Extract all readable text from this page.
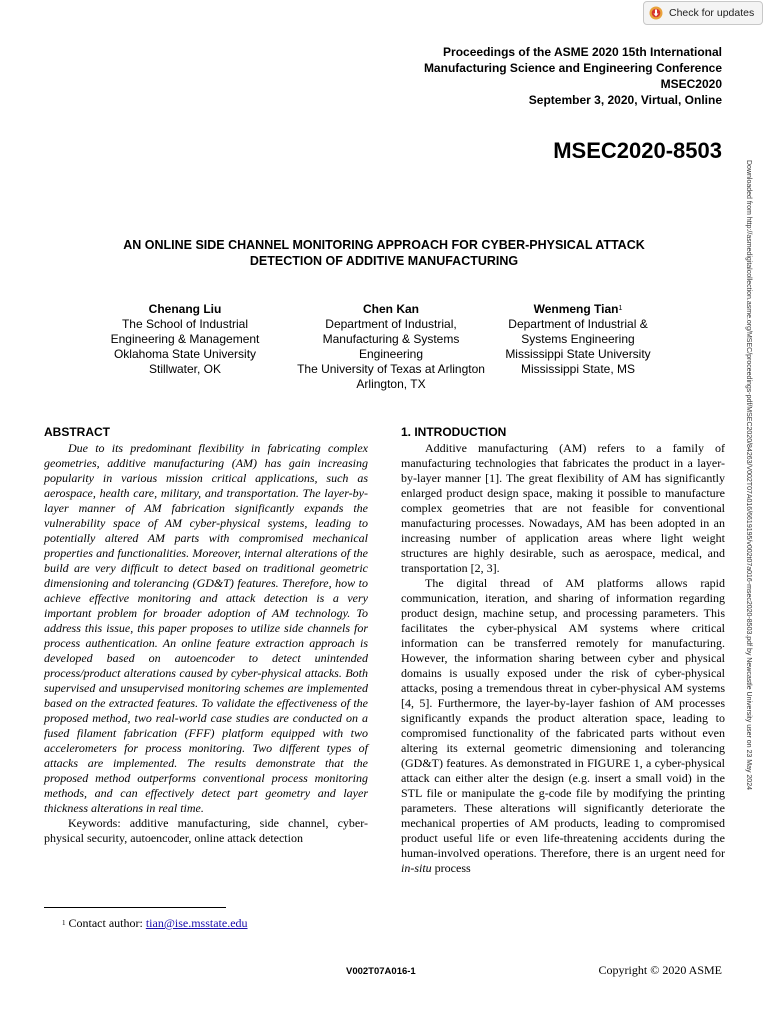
Check for updates
Proceedings of the ASME 2020 15th International
Manufacturing Science and Engineering Conference
MSEC2020
September 3, 2020, Virtual, Online
MSEC2020-8503
AN ONLINE SIDE CHANNEL MONITORING APPROACH FOR CYBER-PHYSICAL ATTACK
DETECTION OF ADDITIVE MANUFACTURING
Chenang Liu
The School of Industrial
Engineering & Management
Oklahoma State University
Stillwater, OK
Chen Kan
Department of Industrial,
Manufacturing & Systems
Engineering
The University of Texas at Arlington
Arlington, TX
Wenmeng Tian$^1$
Department of Industrial &
Systems Engineering
Mississippi State University
Mississippi State, MS
ABSTRACT

Due to its predominant flexibility in fabricating complex geometries, additive manufacturing (AM) has gain increasing popularity in various mission critical applications, such as aerospace, health care, military, and transportation. The layer-by-layer manner of AM fabrication significantly expands the vulnerability space of AM cyber-physical systems, leading to potentially altered AM parts with compromised mechanical properties and functionalities. Moreover, internal alterations of the build are very difficult to detect based on traditional geometric dimensioning and tolerancing (GD&T) features. Therefore, how to achieve effective monitoring and attack detection is a very important problem for broader adoption of AM technology. To address this issue, this paper proposes to utilize side channels for process authentication. An online feature extraction approach is developed based on autoencoder to detect unintended process/product alterations caused by cyber-physical attacks. Both supervised and unsupervised monitoring schemes are implemented based on the extracted features. To validate the effectiveness of the proposed method, two real-world case studies are conducted on a fused filament fabrication (FFF) platform equipped with two accelerometers for process monitoring. Two different types of attacks are implemented. The results demonstrate that the proposed method outperforms conventional process monitoring methods, and can effectively detect part geometry and layer thickness alterations in real time.

Keywords: additive manufacturing, side channel, cyber-physical security, autoencoder, online attack detection

1. INTRODUCTION

Additive manufacturing (AM) refers to a family of manufacturing technologies that fabricates the product in a layer-by-layer manner [1]. The great flexibility of AM has significantly enlarged product design space, making it possible to manufacture complex geometries that are not feasible for conventional manufacturing processes. Nowadays, AM has been adopted in an increasing number of application areas where light weight structures are highly desirable, such as aerospace, medical, and transportation [2, 3].

The digital thread of AM platforms allows rapid communication, iteration, and sharing of information regarding product design, machine setup, and processing parameters. This facilitates the cyber-physical AM systems where critical information can be transferred remotely for manufacturing. However, the information sharing between cyber and physical domains is usually exposed under the risk of cyber-physical attacks, posing a tremendous threat in cyber-physical AM systems [4, 5]. Furthermore, the layer-by-layer fashion of AM processes significantly expands the product alteration space, leading to compromised functionality of the fabricated parts without even altering its external geometric dimensioning and tolerancing (GD&T) features. As demonstrated in FIGURE 1, a cyber-physical attack can either alter the design (e.g. insert a small void) in the STL file or manipulate the g-code file by modifying the printing parameters. These alterations will significantly deteriorate the mechanical properties of AM products, leading to compromised product useful life or even life-threatening accidents during the human-involved operations. Therefore, there is an urgent need for in-situ process

$^1$ Contact author: tian@ise.msstate.edu
V002T07A016-1	Copyright © 2020 ASME
Downloaded from http://asmedigitalcollection.asme.org/MSEC/proceedings-pdf/MSEC2020/84263/V002T07A016/6619195/v002t07a016-msec2020-8503.pdf by Newcastle University user on 23 May 2024
